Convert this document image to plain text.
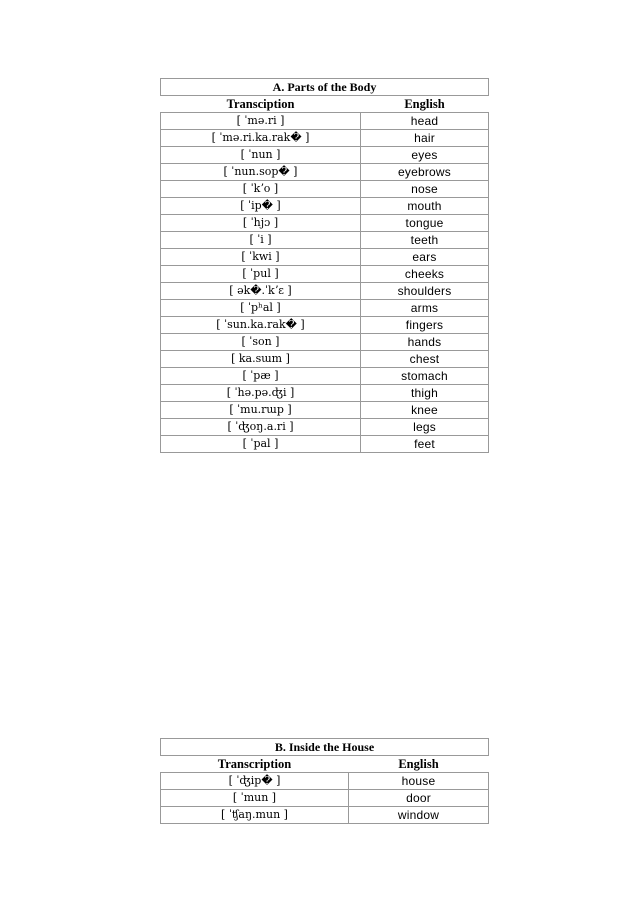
A. Parts of the Body	
Transciption	English
[ ˈmə.ri ]	head
[ ˈmə.ri.ka.rak� ]	hair
[ ˈnun ]	eyes
[ ˈnun.sop� ]	eyebrows
[ ˈkʼo ]	nose
[ ˈip� ]	mouth
[ ˈhjɔ ]	tongue
[ ˈi ]	teeth
[ ˈkwi ]	ears
[ ˈpul ]	cheeks
[ ək�.ˈkʼɛ ]	shoulders
[ ˈpʰal ]	arms
[ ˈsun.ka.rak� ]	fingers
[ ˈson ]	hands
[ ka.sɯm ]	chest
[ ˈpæ ]	stomach
[ ˈhə.pə.ʤi ]	thigh
[ ˈmu.rɯp ]	knee
[ ˈʤoŋ.a.ri ]	legs
[ ˈpal ]	feet
B. Inside the House	
Transcription	English
[ ˈʤip� ]	house
[ ˈmun ]	door
[ ˈʧaŋ.mun ]	window
